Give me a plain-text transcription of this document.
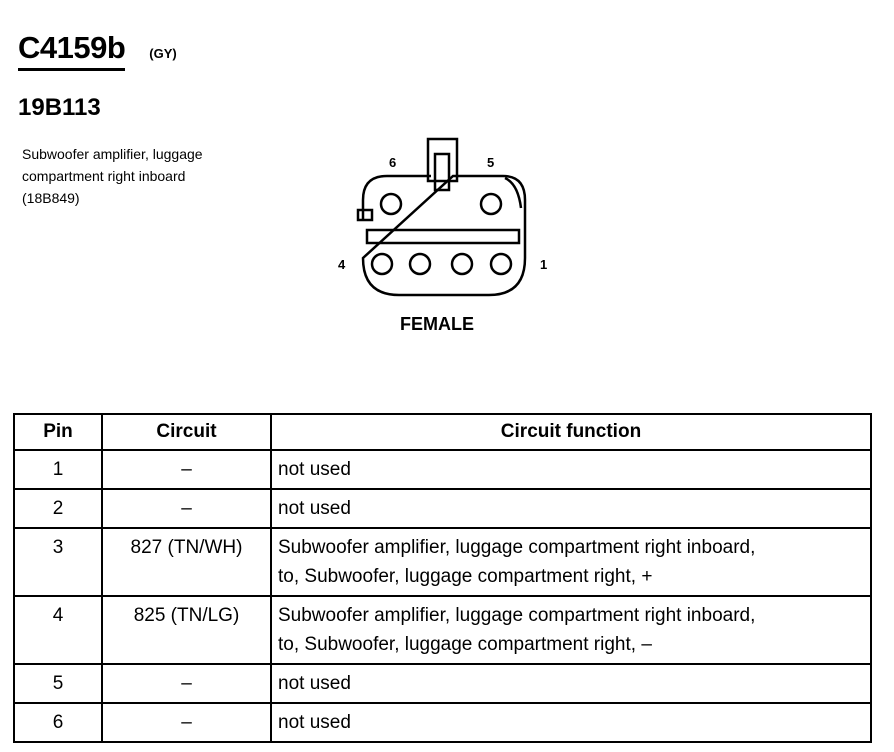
C4159b (GY)
19B113
Subwoofer amplifier, luggage
compartment right inboard
(18B849)
6	5
4	1
FEMALE
Pin	Circuit	Circuit function
1	–	not used

2	–	not used

3	827 (TN/WH)	Subwoofer amplifier, luggage compartment right inboard,
to, Subwoofer, luggage compartment right, +

4	825 (TN/LG)	Subwoofer amplifier, luggage compartment right inboard,
to, Subwoofer, luggage compartment right, –

5	–	not used

6	–	not used
